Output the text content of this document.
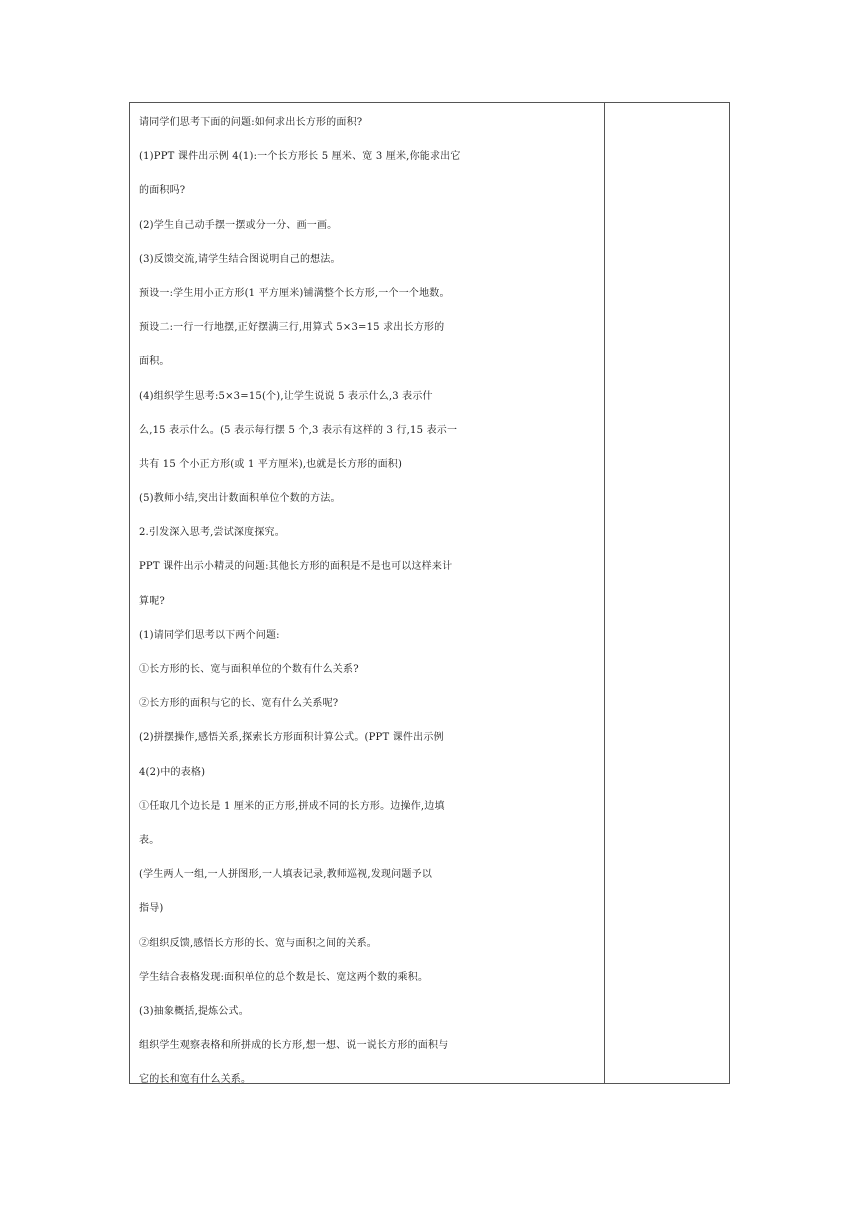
请同学们思考下面的问题:如何求出长方形的面积?
(1)PPT 课件出示例 4(1):一个长方形长 5 厘米、宽 3 厘米,你能求出它
的面积吗?
(2)学生自己动手摆一摆或分一分、画一画。
(3)反馈交流,请学生结合图说明自己的想法。
预设一:学生用小正方形(1 平方厘米)铺满整个长方形,一个一个地数。
预设二:一行一行地摆,正好摆满三行,用算式 5×3=15 求出长方形的
面积。
(4)组织学生思考:5×3=15(个),让学生说说 5 表示什么,3 表示什
么,15 表示什么。(5 表示每行摆 5 个,3 表示有这样的 3 行,15 表示一
共有 15 个小正方形(或 1 平方厘米),也就是长方形的面积)
(5)教师小结,突出计数面积单位个数的方法。
2.引发深入思考,尝试深度探究。
PPT 课件出示小精灵的问题:其他长方形的面积是不是也可以这样来计
算呢?
(1)请同学们思考以下两个问题:
①长方形的长、宽与面积单位的个数有什么关系?
②长方形的面积与它的长、宽有什么关系呢?
(2)拼摆操作,感悟关系,探索长方形面积计算公式。(PPT 课件出示例
4(2)中的表格)
①任取几个边长是 1 厘米的正方形,拼成不同的长方形。边操作,边填
表。
(学生两人一组,一人拼图形,一人填表记录,教师巡视,发现问题予以
指导)
②组织反馈,感悟长方形的长、宽与面积之间的关系。
学生结合表格发现:面积单位的总个数是长、宽这两个数的乘积。
(3)抽象概括,提炼公式。
组织学生观察表格和所拼成的长方形,想一想、说一说长方形的面积与
它的长和宽有什么关系。
